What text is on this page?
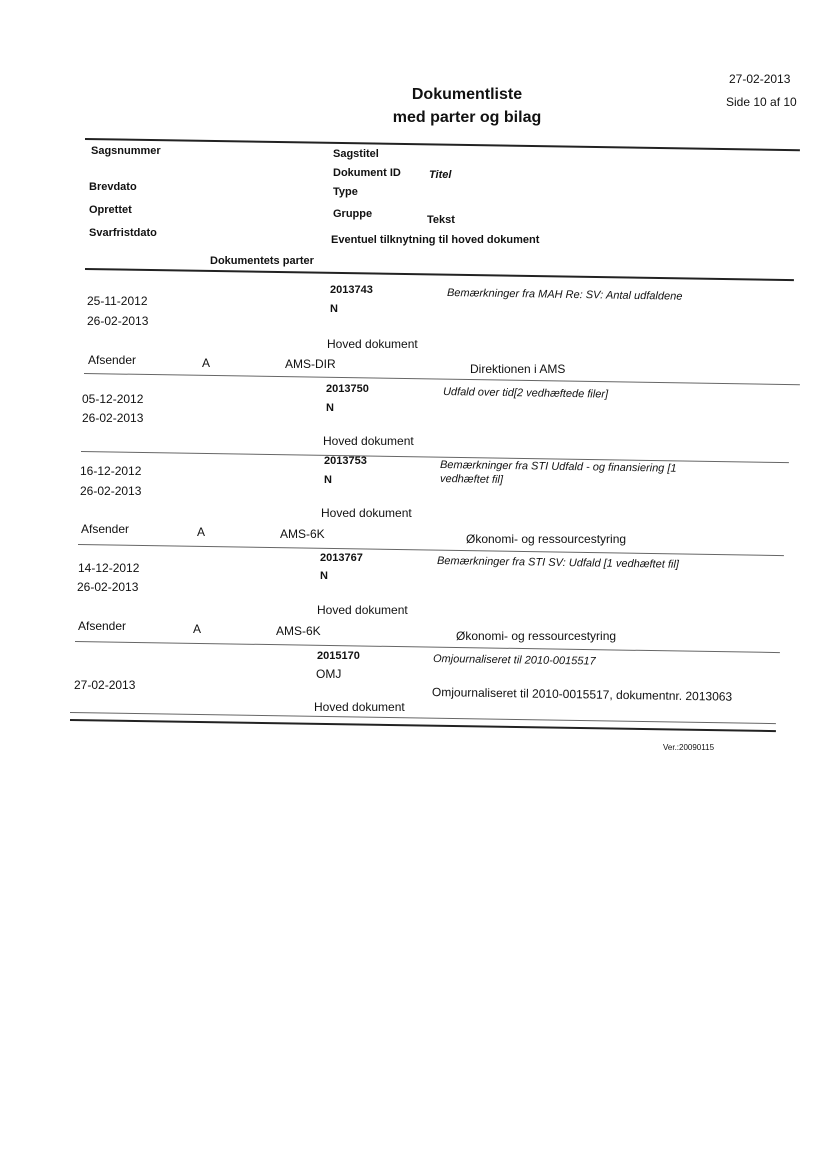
27-02-2013
Side 10 af 10
Dokumentliste
med parter og bilag
Sagsnummer	Sagstitel
Dokument ID	Titel
Brevdato	Type
Oprettet	Gruppe	Tekst
Svarfristdato
Eventuel tilknytning til hoved dokument
Dokumentets parter
25-11-2012
26-02-2013
2013743
N
Bemærkninger fra MAH Re: SV: Antal udfaldene
Hoved dokument
Afsender	A	AMS-DIR	Direktionen i AMS
05-12-2012
26-02-2013
2013750
N
Udfald over tid[2 vedhæftede filer]
Hoved dokument
16-12-2012
26-02-2013
2013753
N
Bemærkninger fra STI Udfald - og finansiering [1
vedhæftet fil]
Hoved dokument
Afsender	A	AMS-6K	Økonomi- og ressourcestyring
14-12-2012
26-02-2013
2013767
N
Bemærkninger fra STI SV: Udfald [1 vedhæftet fil]
Hoved dokument
Afsender	A	AMS-6K	Økonomi- og ressourcestyring
27-02-2013
2015170
OMJ
Omjournaliseret til 2010-0015517
Omjournaliseret til 2010-0015517, dokumentnr. 2013063
Hoved dokument
Ver.:20090115
